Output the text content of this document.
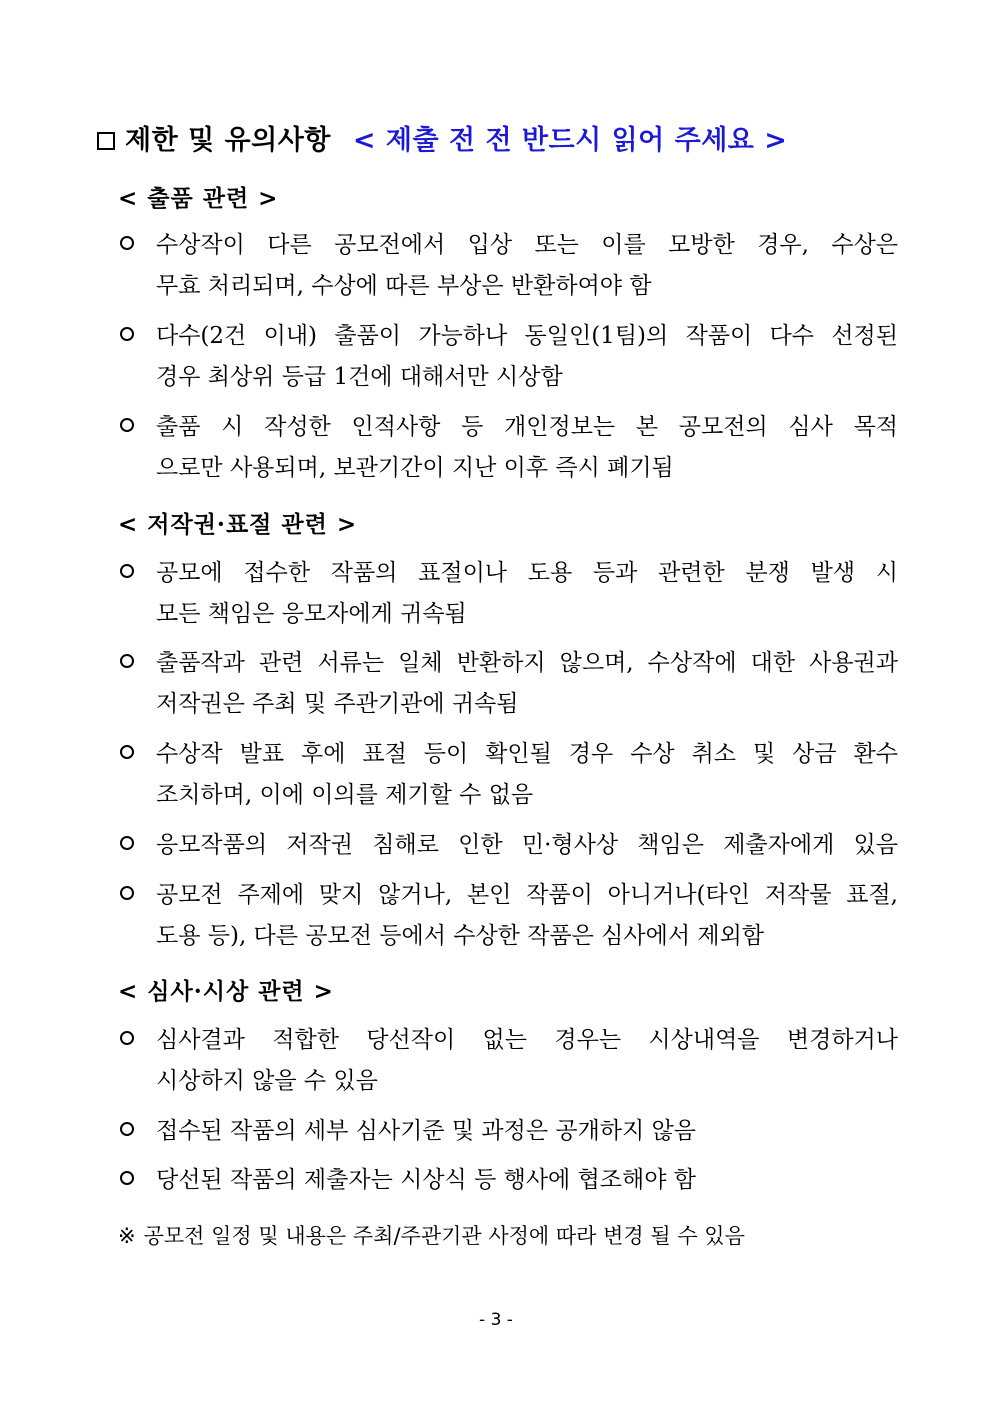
제한 및 유의사항 < 제출 전 전 반드시 읽어 주세요 >
< 출품 관련 >
수상작이 다른 공모전에서 입상 또는 이를 모방한 경우, 수상은
무효 처리되며, 수상에 따른 부상은 반환하여야 함
다수(2건 이내) 출품이 가능하나 동일인(1팀)의 작품이 다수 선정된
경우 최상위 등급 1건에 대해서만 시상함
출품 시 작성한 인적사항 등 개인정보는 본 공모전의 심사 목적
으로만 사용되며, 보관기간이 지난 이후 즉시 폐기됨
< 저작권·표절 관련 >
공모에 접수한 작품의 표절이나 도용 등과 관련한 분쟁 발생 시
모든 책임은 응모자에게 귀속됨
출품작과 관련 서류는 일체 반환하지 않으며, 수상작에 대한 사용권과
저작권은 주최 및 주관기관에 귀속됨
수상작 발표 후에 표절 등이 확인될 경우 수상 취소 및 상금 환수
조치하며, 이에 이의를 제기할 수 없음
응모작품의 저작권 침해로 인한 민·형사상 책임은 제출자에게 있음
공모전 주제에 맞지 않거나, 본인 작품이 아니거나(타인 저작물 표절,
도용 등), 다른 공모전 등에서 수상한 작품은 심사에서 제외함
< 심사·시상 관련 >
심사결과 적합한 당선작이 없는 경우는 시상내역을 변경하거나
시상하지 않을 수 있음
접수된 작품의 세부 심사기준 및 과정은 공개하지 않음
당선된 작품의 제출자는 시상식 등 행사에 협조해야 함
※ 공모전 일정 및 내용은 주최/주관기관 사정에 따라 변경 될 수 있음
- 3 -
